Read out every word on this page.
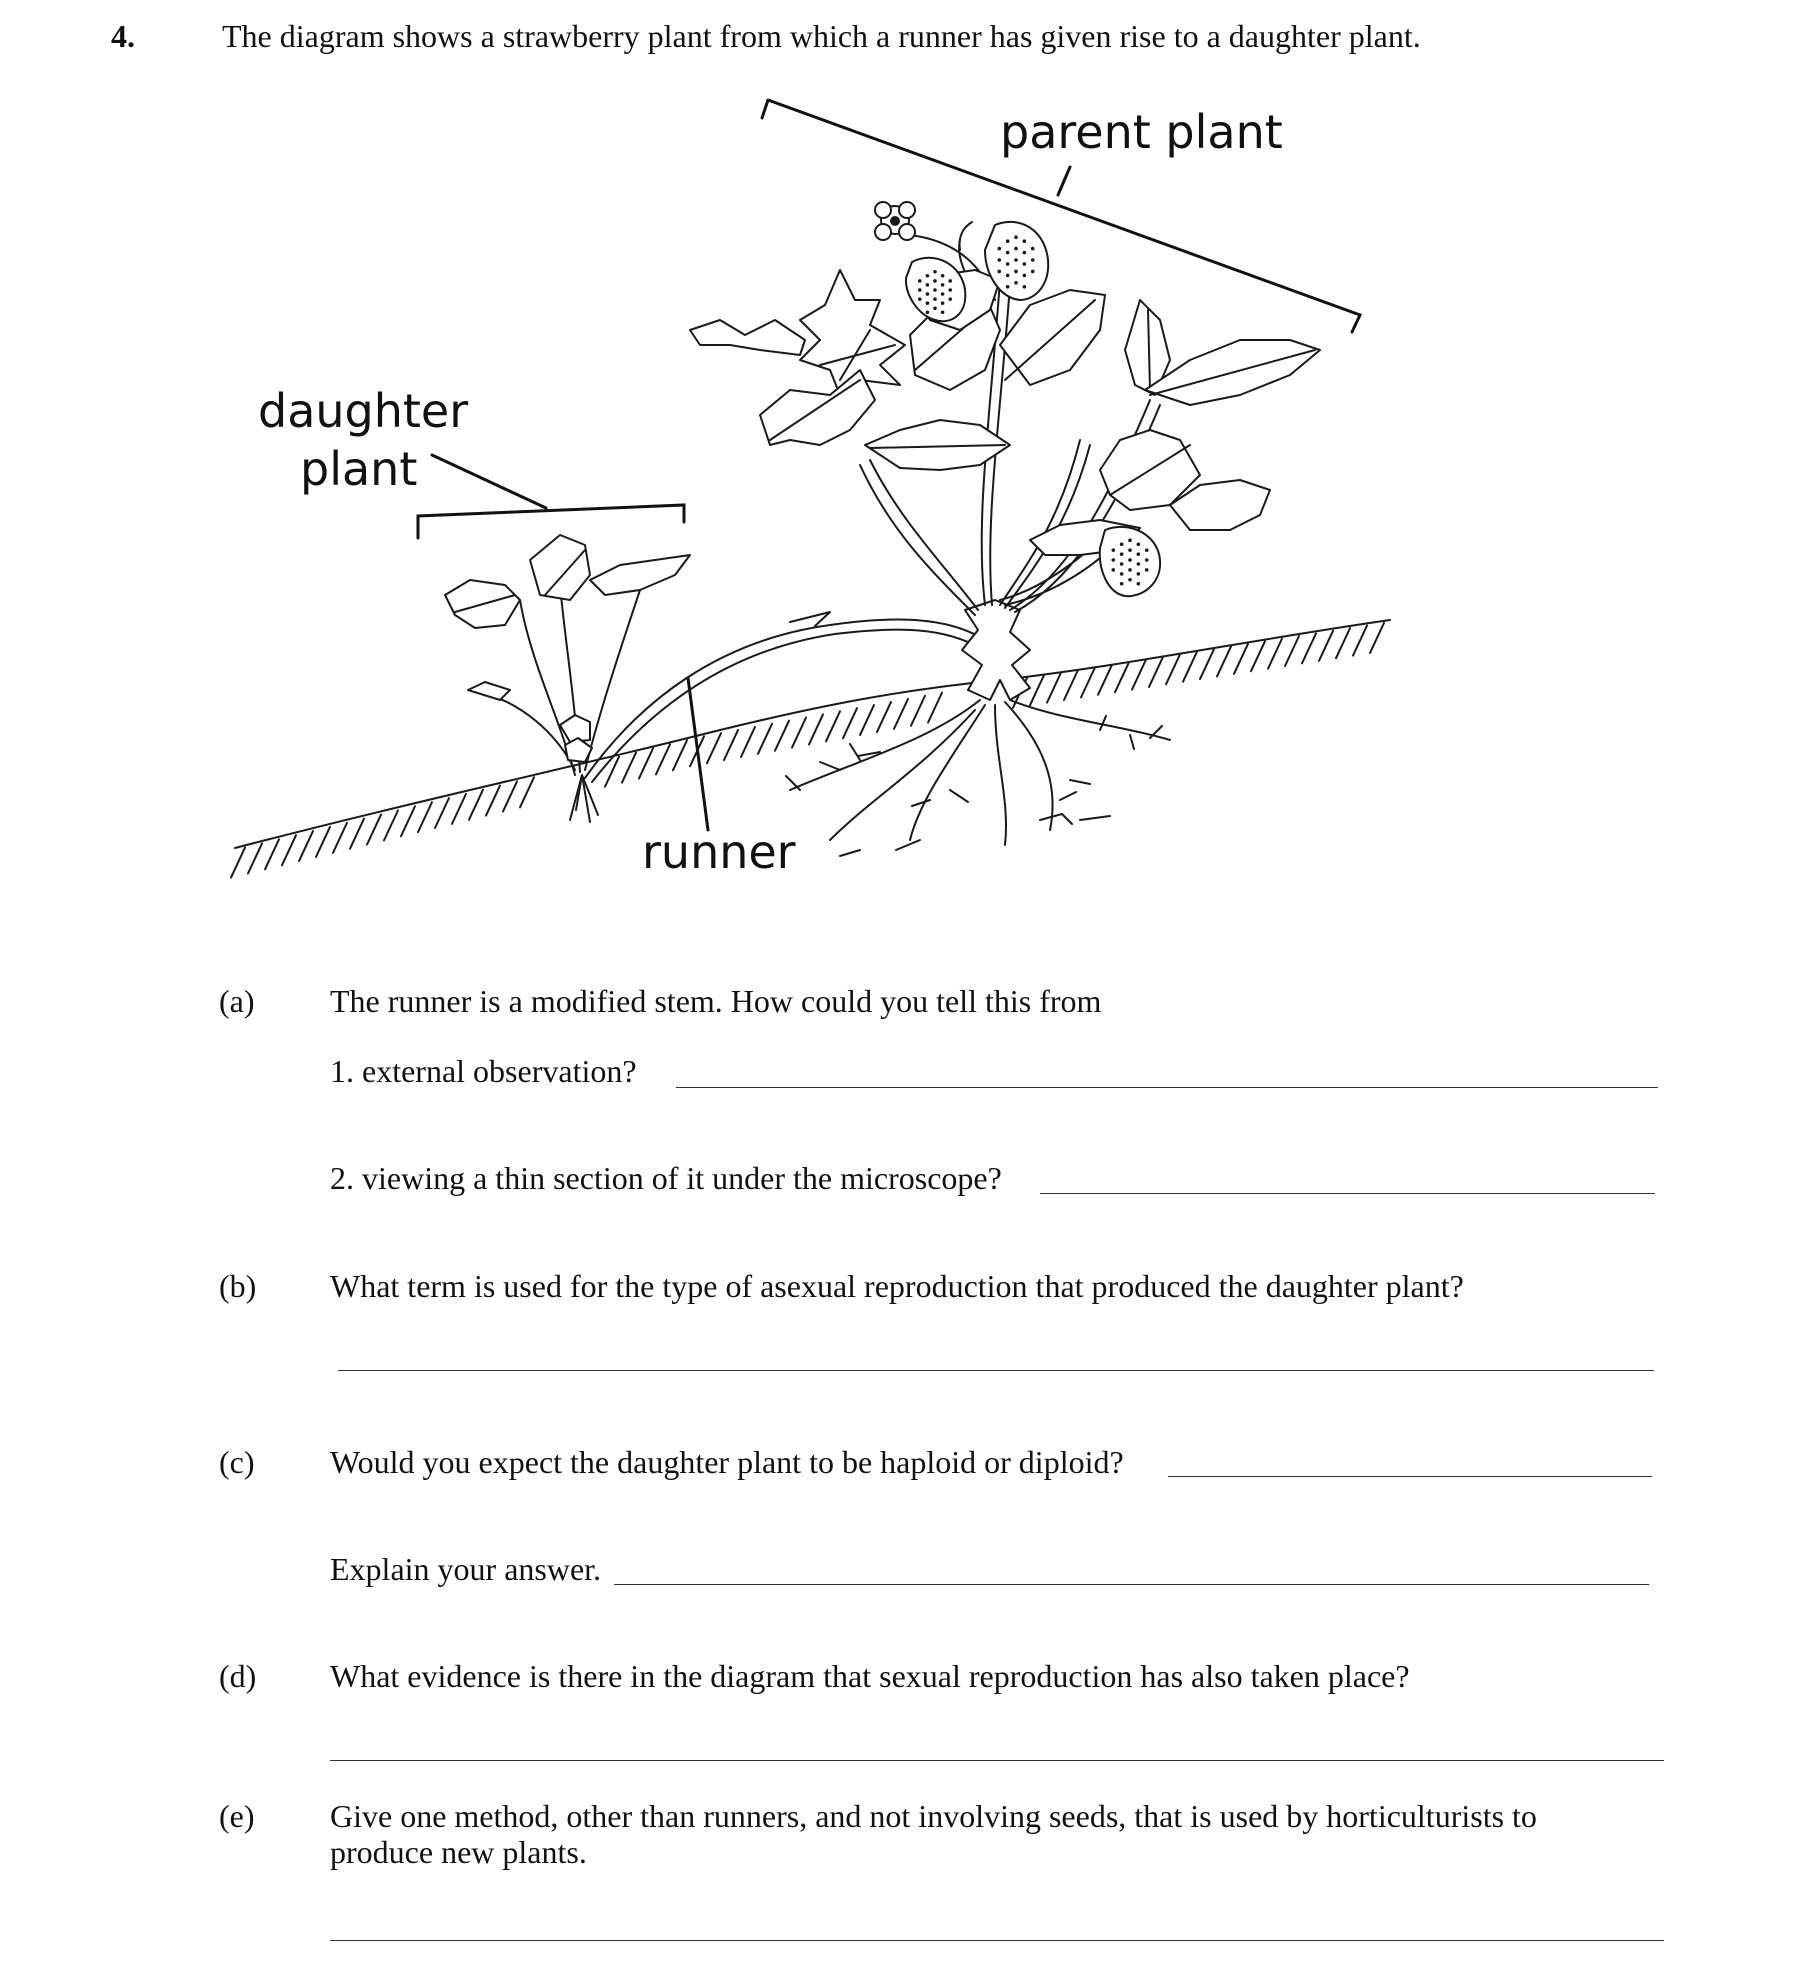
4.	The diagram shows a strawberry plant from which a runner has given rise to a daughter plant.
parent plant
daughter
plant
runner
(a) The runner is a modified stem. How could you tell this from
1. external observation?
2. viewing a thin section of it under the microscope?
(b) What term is used for the type of asexual reproduction that produced the daughter plant?
(c) Would you expect the daughter plant to be haploid or diploid?
Explain your answer.
(d) What evidence is there in the diagram that sexual reproduction has also taken place?
(e) Give one method, other than runners, and not involving seeds, that is used by horticulturists to
produce new plants.
